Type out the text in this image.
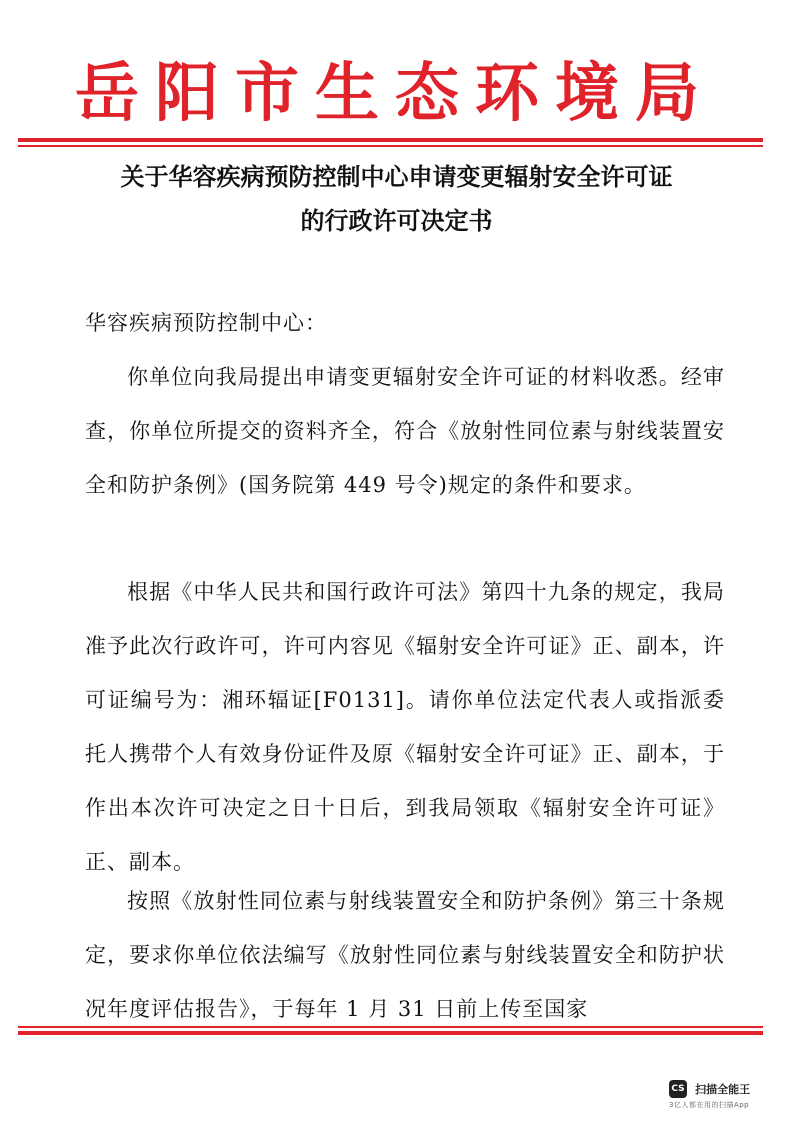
岳阳市生态环境局
关于华容疾病预防控制中心申请变更辐射安全许可证
的行政许可决定书
华容疾病预防控制中心：
你单位向我局提出申请变更辐射安全许可证的材料收悉。经审查，你单位所提交的资料齐全，符合《放射性同位素与射线装置安全和防护条例》(国务院第 449 号令)规定的条件和要求。
根据《中华人民共和国行政许可法》第四十九条的规定，我局准予此次行政许可，许可内容见《辐射安全许可证》正、副本，许可证编号为：湘环辐证[F0131]。请你单位法定代表人或指派委托人携带个人有效身份证件及原《辐射安全许可证》正、副本，于作出本次许可决定之日十日后，到我局领取《辐射安全许可证》正、副本。
按照《放射性同位素与射线装置安全和防护条例》第三十条规定，要求你单位依法编写《放射性同位素与射线装置安全和防护状况年度评估报告》，于每年 1 月 31 日前上传至国家
CS 扫描全能王
3亿人都在用的扫描App
